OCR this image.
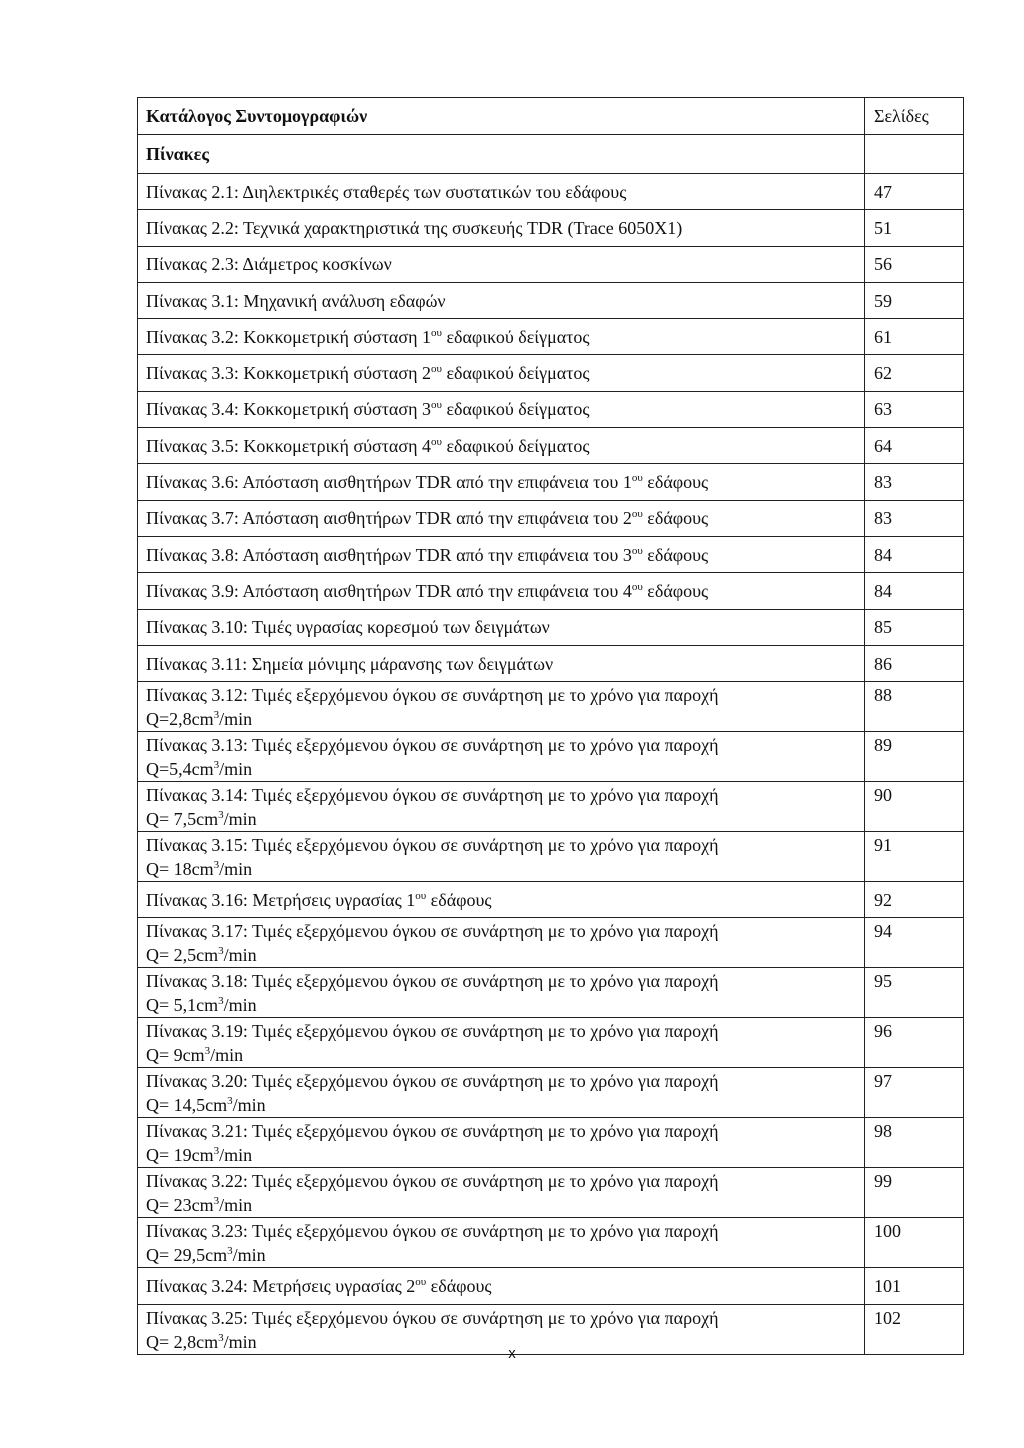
Κατάλογος Συντομογραφιών	Σελίδες
Πίνακες	
Πίνακας 2.1: Διηλεκτρικές σταθερές των συστατικών του εδάφους	47
Πίνακας 2.2: Τεχνικά χαρακτηριστικά της συσκευής TDR (Trace 6050X1)	51
Πίνακας 2.3: Διάμετρος κοσκίνων	56
Πίνακας 3.1: Μηχανική ανάλυση εδαφών	59
Πίνακας 3.2: Κοκκομετρική σύσταση $1^{o\upsilon}$ εδαφικού δείγματος	61
Πίνακας 3.3: Κοκκομετρική σύσταση $2^{o\upsilon}$ εδαφικού δείγματος	62
Πίνακας 3.4: Κοκκομετρική σύσταση $3^{o\upsilon}$ εδαφικού δείγματος	63
Πίνακας 3.5: Κοκκομετρική σύσταση $4^{o\upsilon}$ εδαφικού δείγματος	64
Πίνακας 3.6: Απόσταση αισθητήρων TDR από την επιφάνεια του $1^{o\upsilon}$ εδάφους	83
Πίνακας 3.7: Απόσταση αισθητήρων TDR από την επιφάνεια του $2^{o\upsilon}$ εδάφους	83
Πίνακας 3.8: Απόσταση αισθητήρων TDR από την επιφάνεια του $3^{o\upsilon}$ εδάφους	84
Πίνακας 3.9: Απόσταση αισθητήρων TDR από την επιφάνεια του $4^{o\upsilon}$ εδάφους	84
Πίνακας 3.10: Τιμές υγρασίας κορεσμού των δειγμάτων	85
Πίνακας 3.11: Σημεία μόνιμης μάρανσης των δειγμάτων	86
Πίνακας 3.12: Τιμές εξερχόμενου όγκου σε συνάρτηση με το χρόνο για παροχή
$Q=2,8cm^3/\min$	88
Πίνακας 3.13: Τιμές εξερχόμενου όγκου σε συνάρτηση με το χρόνο για παροχή
$Q=5,4cm^3/\min$	89
Πίνακας 3.14: Τιμές εξερχόμενου όγκου σε συνάρτηση με το χρόνο για παροχή
$Q= 7,5cm^3/\min$	90
Πίνακας 3.15: Τιμές εξερχόμενου όγκου σε συνάρτηση με το χρόνο για παροχή
$Q= 18cm^3/\min$	91
Πίνακας 3.16: Μετρήσεις υγρασίας $1^{o\upsilon}$ εδάφους	92
Πίνακας 3.17: Τιμές εξερχόμενου όγκου σε συνάρτηση με το χρόνο για παροχή
$Q= 2,5cm^3/\min$	94
Πίνακας 3.18: Τιμές εξερχόμενου όγκου σε συνάρτηση με το χρόνο για παροχή
$Q= 5,1cm^3/\min$	95
Πίνακας 3.19: Τιμές εξερχόμενου όγκου σε συνάρτηση με το χρόνο για παροχή
$Q= 9cm^3/\min$	96
Πίνακας 3.20: Τιμές εξερχόμενου όγκου σε συνάρτηση με το χρόνο για παροχή
$Q= 14,5cm^3/\min$	97
Πίνακας 3.21: Τιμές εξερχόμενου όγκου σε συνάρτηση με το χρόνο για παροχή
$Q= 19cm^3/\min$	98
Πίνακας 3.22: Τιμές εξερχόμενου όγκου σε συνάρτηση με το χρόνο για παροχή
$Q= 23cm^3/\min$	99
Πίνακας 3.23: Τιμές εξερχόμενου όγκου σε συνάρτηση με το χρόνο για παροχή
$Q= 29,5cm^3/\min$	100
Πίνακας 3.24: Μετρήσεις υγρασίας $2^{o\upsilon}$ εδάφους	101
Πίνακας 3.25: Τιμές εξερχόμενου όγκου σε συνάρτηση με το χρόνο για παροχή
$Q= 2,8cm^3/\min$	102
x
